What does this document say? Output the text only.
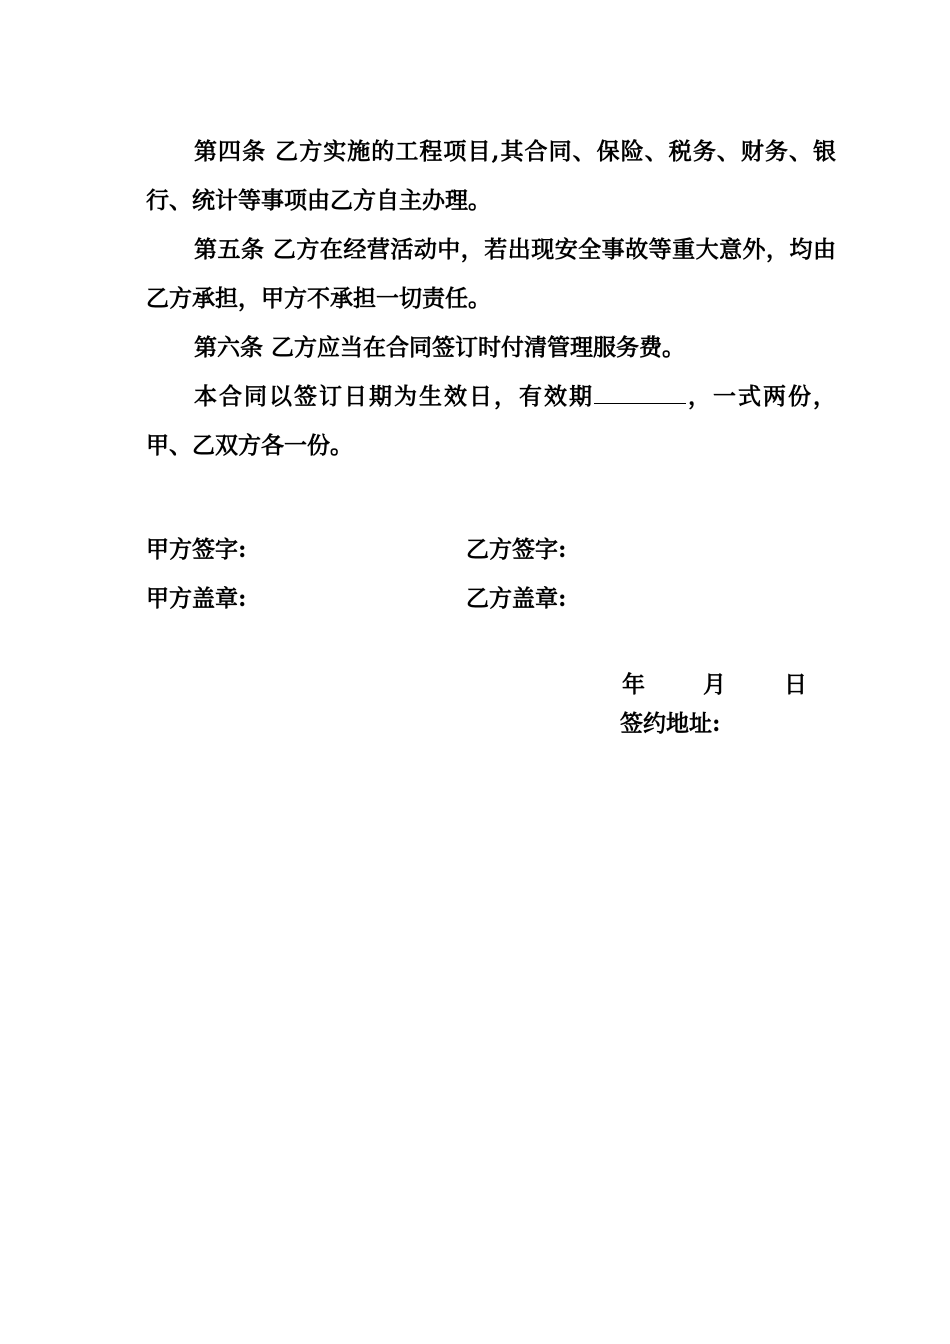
第四条 乙方实施的工程项目,其合同、保险、税务、财务、银行、统计等事项由乙方自主办理。
第五条 乙方在经营活动中，若出现安全事故等重大意外，均由乙方承担，甲方不承担一切责任。
第六条 乙方应当在合同签订时付清管理服务费。
本合同以签订日期为生效日，有效期	，一式两份，甲、乙双方各一份。
甲方签字:	乙方签字:
甲方盖章:	乙方盖章:
年	月	日
签约地址:
